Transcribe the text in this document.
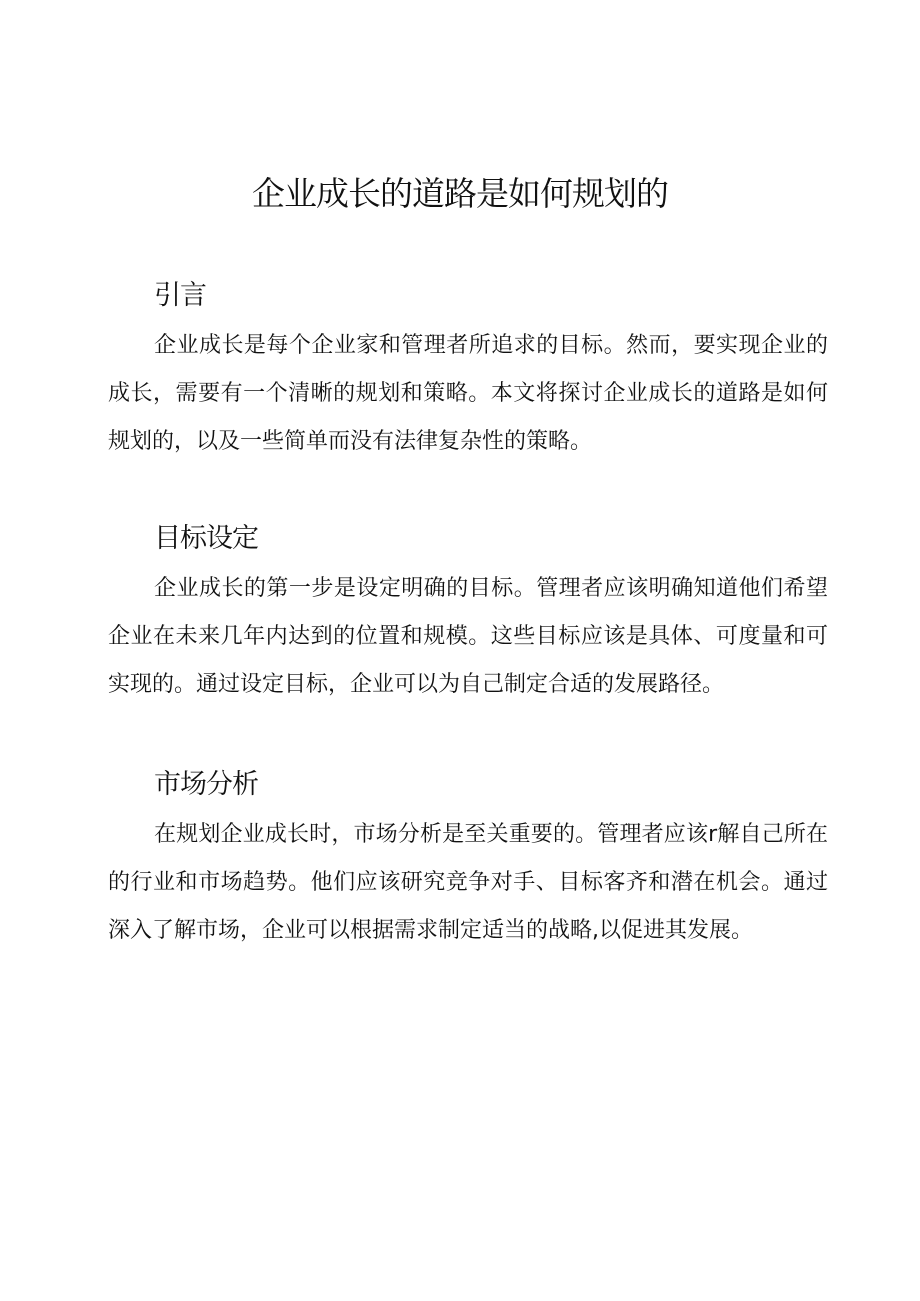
企业成长的道路是如何规划的
引言

企业成长是每个企业家和管理者所追求的目标。然而，要实现企业的成长，需要有一个清晰的规划和策略。本文将探讨企业成长的道路是如何规划的，以及一些简单而没有法律复杂性的策略。

目标设定

企业成长的第一步是设定明确的目标。管理者应该明确知道他们希望企业在未来几年内达到的位置和规模。这些目标应该是具体、可度量和可实现的。通过设定目标，企业可以为自己制定合适的发展路径。

市场分析

在规划企业成长时，市场分析是至关重要的。管理者应该r解自己所在的行业和市场趋势。他们应该研究竞争对手、目标客齐和潜在机会。通过深入了解市场，企业可以根据需求制定适当的战略,以促进其发展。
